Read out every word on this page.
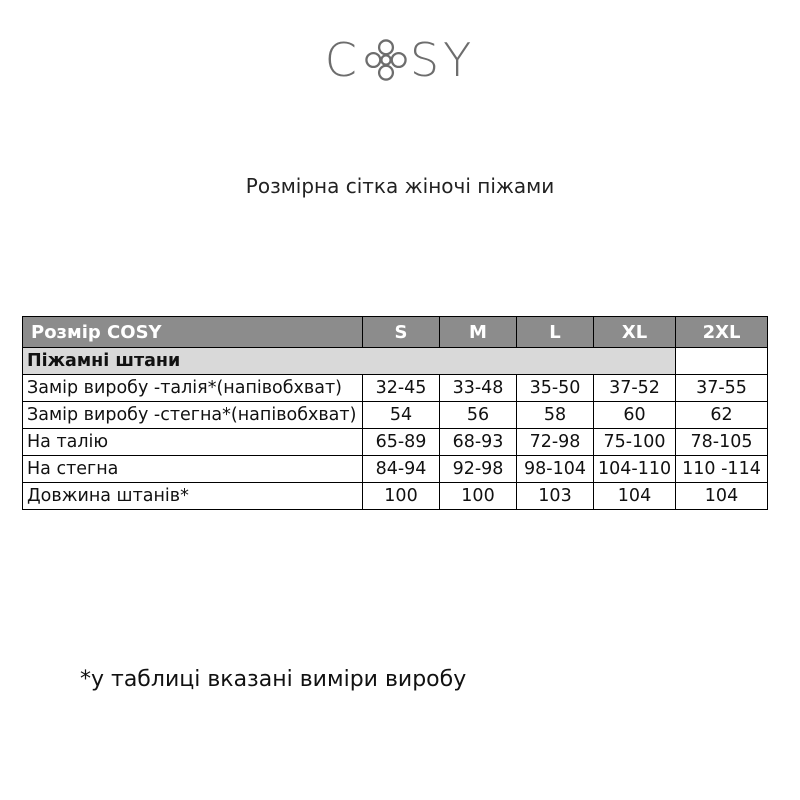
C SY
Розмірна сітка жіночі піжами
Розмір COSY	S	M	L	XL	2XL
Піжамні штани					
Замір виробу -талія*(напівобхват)	32-45	33-48	35-50	37-52	37-55
Замір виробу -стегна*(напівобхват)	54	56	58	60	62
На талію	65-89	68-93	72-98	75-100	78-105
На стегна	84-94	92-98	98-104	104-110	110 -114
Довжина штанів*	100	100	103	104	104
*у таблиці вказані виміри виробу
